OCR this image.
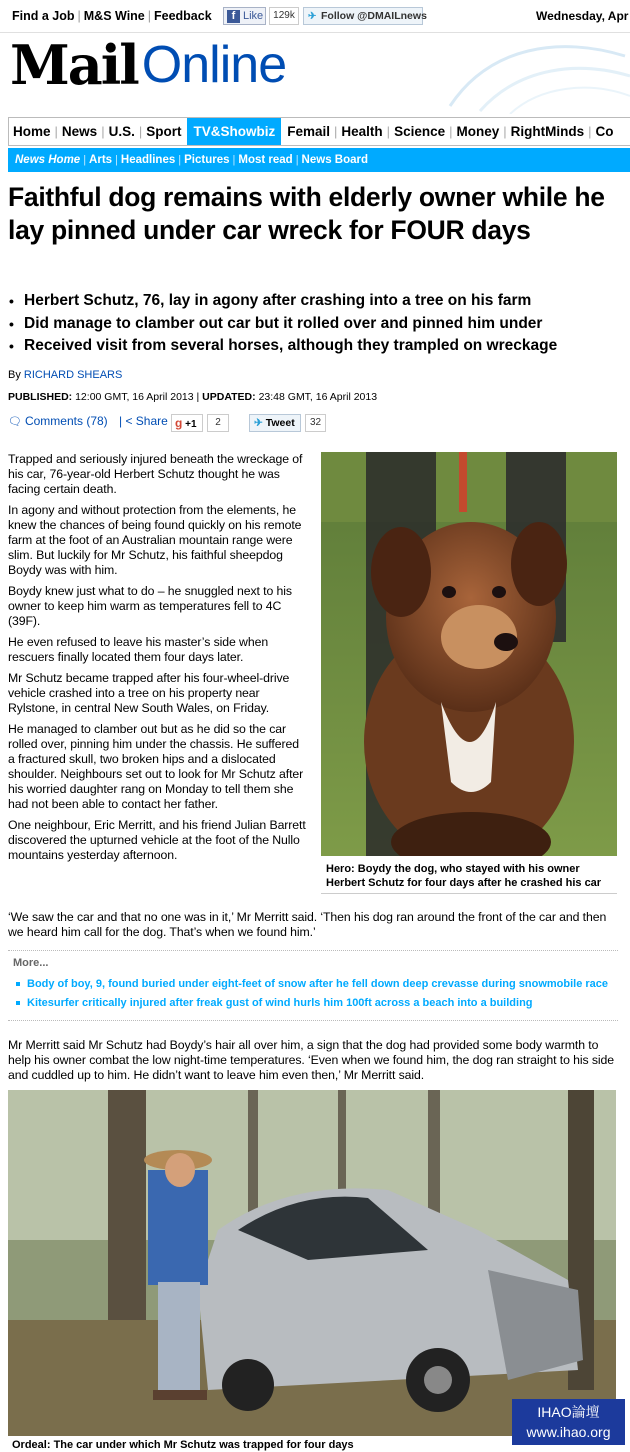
Find a Job | M&S Wine | Feedback	f Like 129k	✈ Follow @DMAILnews	Wednesday, Apr
MailOnline
Home | News | U.S. | Sport TV&Showbiz Femail | Health | Science | Money | RightMinds | Co
News Home | Arts | Headlines | Pictures | Most read | News Board
Faithful dog remains with elderly owner while he lay pinned under car wreck for FOUR days
• Herbert Schutz, 76, lay in agony after crashing into a tree on his farm
• Did manage to clamber out car but it rolled over and pinned him under
• Received visit from several horses, although they trampled on wreckage
By RICHARD SHEARS
PUBLISHED: 12:00 GMT, 16 April 2013 | UPDATED: 23:48 GMT, 16 April 2013
🗨 Comments (78) | < Share g +1	2	✈ Tweet	32

Trapped and seriously injured beneath the wreckage of his car, 76-year-old Herbert Schutz thought he was facing certain death.

In agony and without protection from the elements, he knew the chances of being found quickly on his remote farm at the foot of an Australian mountain range were slim. But luckily for Mr Schutz, his faithful sheepdog Boydy was with him.

Boydy knew just what to do – he snuggled next to his owner to keep him warm as temperatures fell to 4C (39F).

He even refused to leave his master’s side when rescuers finally located them four days later.

Mr Schutz became trapped after his four-wheel-drive vehicle crashed into a tree on his property near Rylstone, in central New South Wales, on Friday.

He managed to clamber out but as he did so the car rolled over, pinning him under the chassis. He suffered a fractured skull, two broken hips and a dislocated shoulder. Neighbours set out to look for Mr Schutz after his worried daughter rang on Monday to tell them she had not been able to contact her father.

One neighbour, Eric Merritt, and his friend Julian Barrett discovered the upturned vehicle at the foot of the Nullo mountains yesterday afternoon.

Hero: Boydy the dog, who stayed with his owner Herbert Schutz for four days after he crashed his car

‘We saw the car and that no one was in it,’ Mr Merritt said. ‘Then his dog ran around the front of the car and then we heard him call for the dog. That’s when we found him.’

More...
Body of boy, 9, found buried under eight-feet of snow after he fell down deep crevasse during snowmobile race
Kitesurfer critically injured after freak gust of wind hurls him 100ft across a beach into a building

Mr Merritt said Mr Schutz had Boydy’s hair all over him, a sign that the dog had provided some body warmth to help his owner combat the low night-time temperatures. ‘Even when we found him, the dog ran straight to his side and cuddled up to him. He didn’t want to leave him even then,’ Mr Merritt said.

Ordeal: The car under which Mr Schutz was trapped for four days
IHAO論壇
www.ihao.org
